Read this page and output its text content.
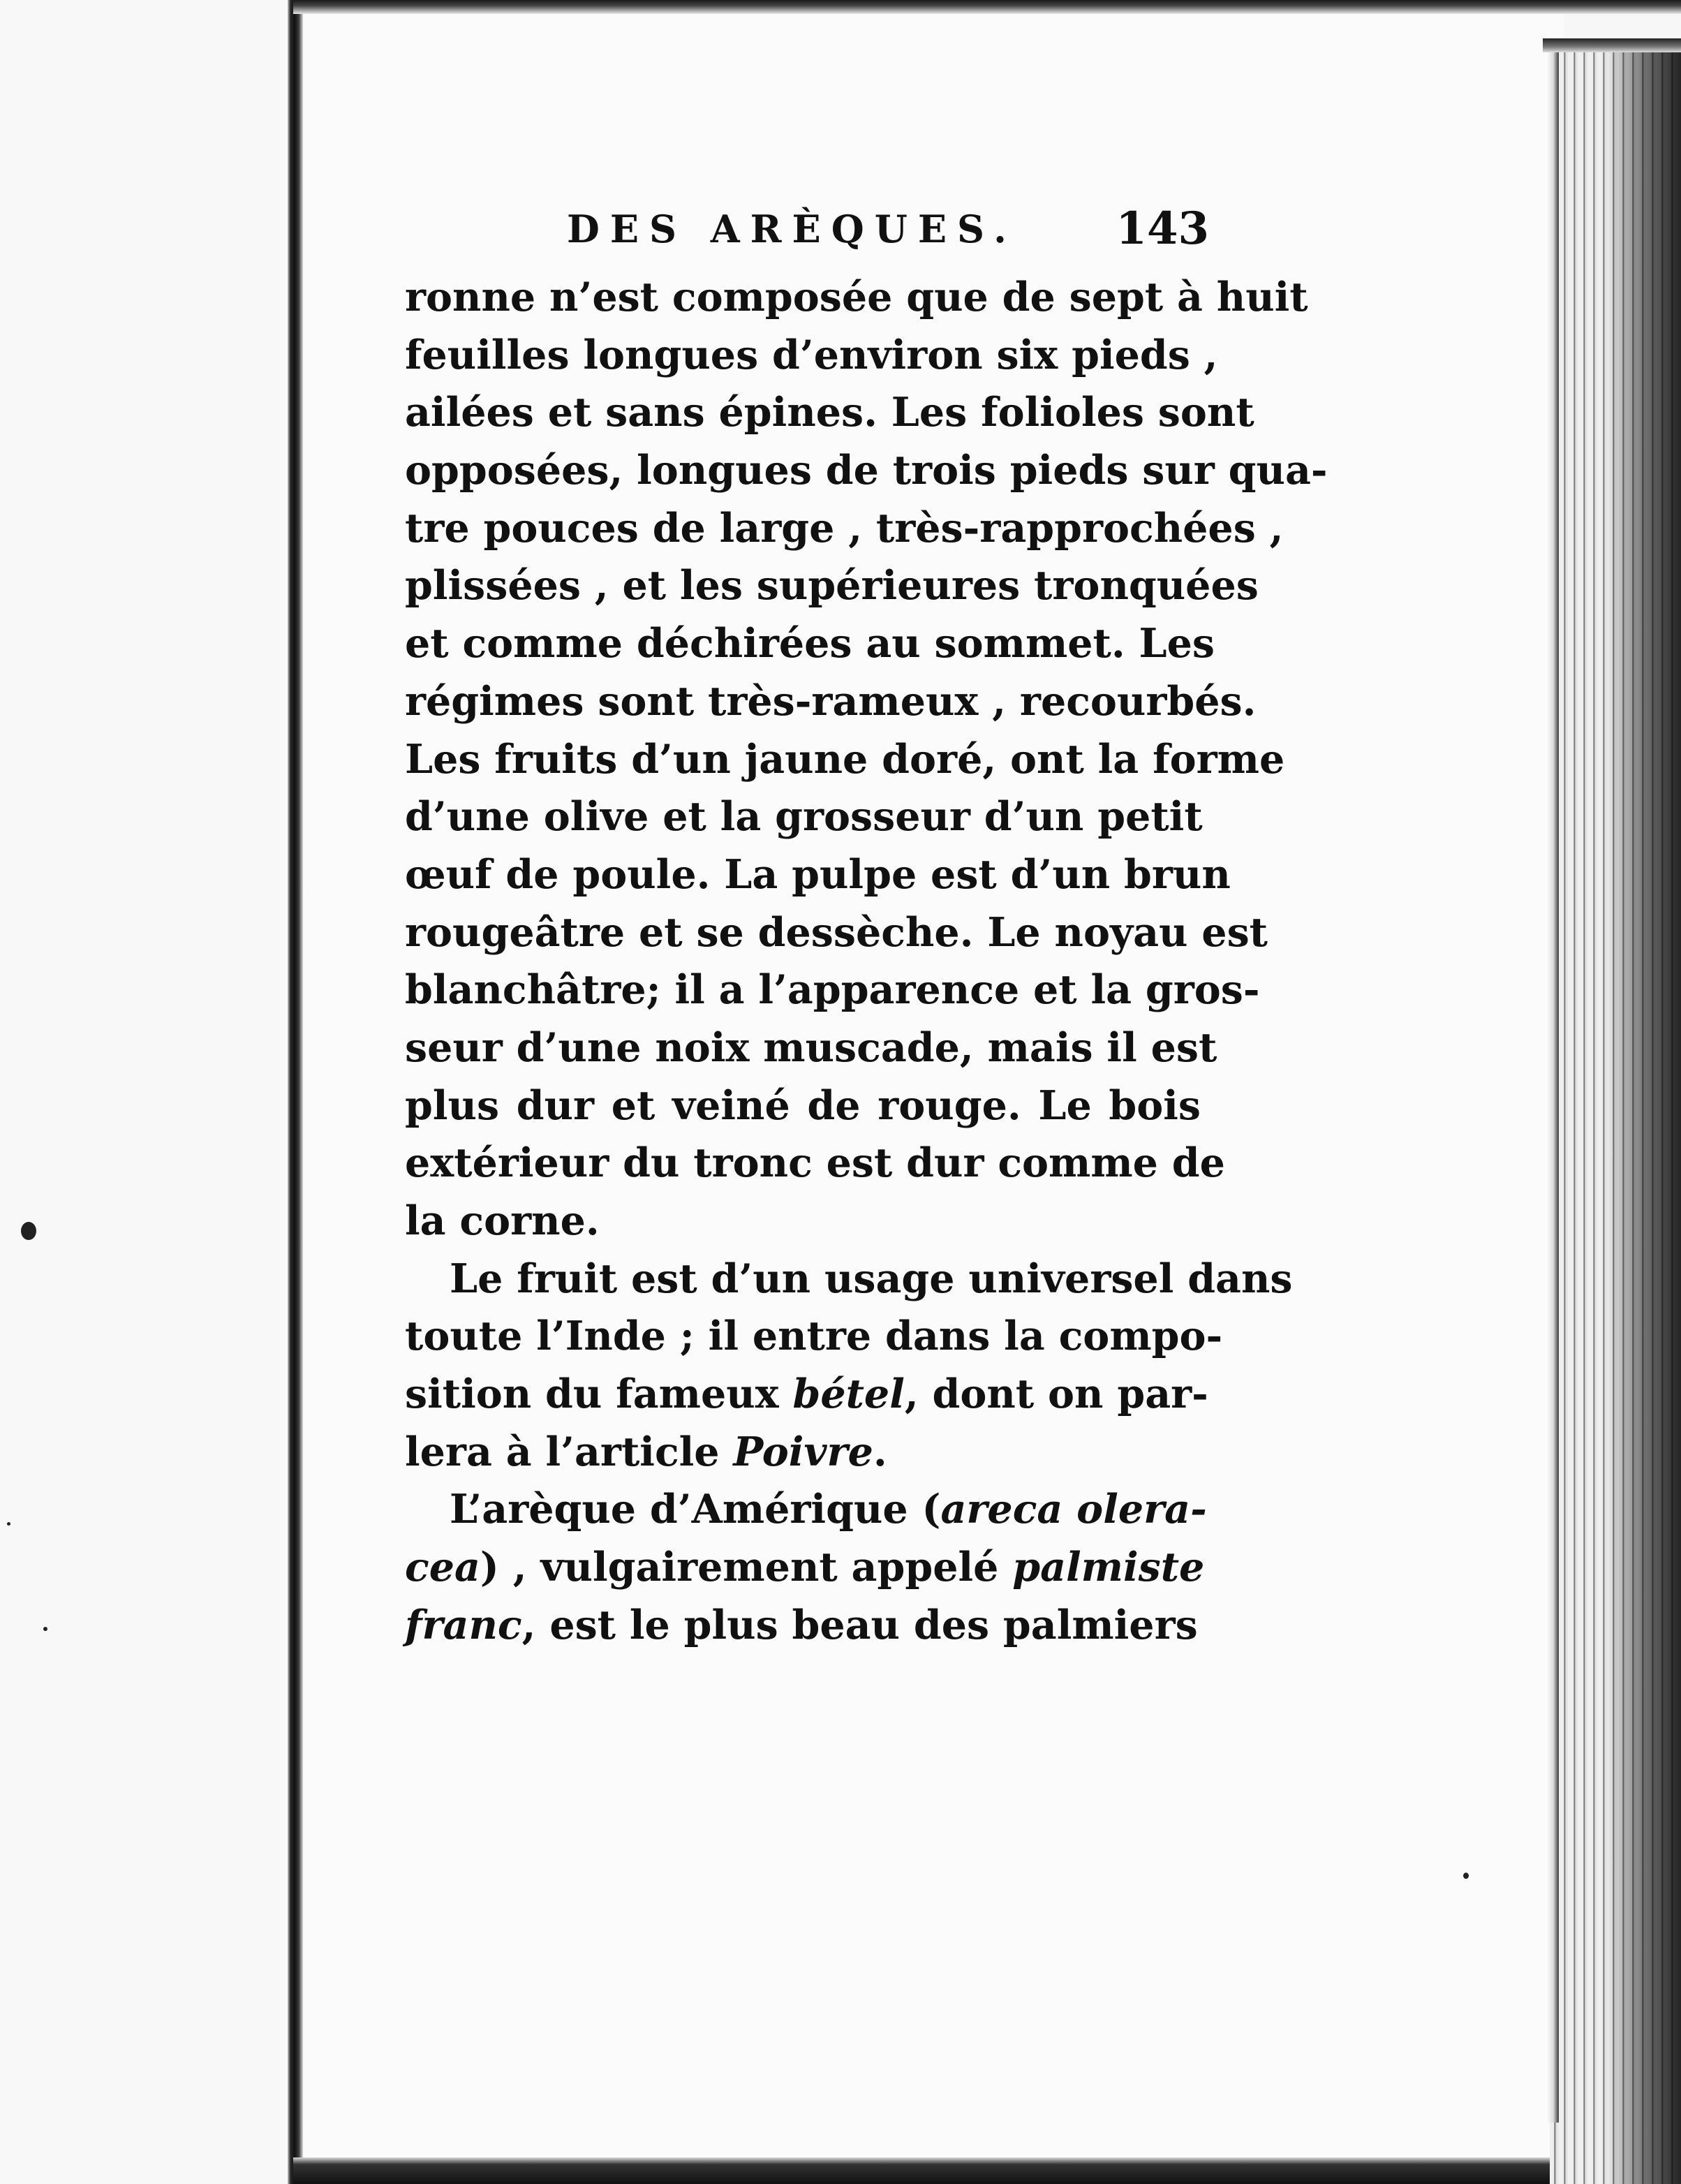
DES ARÈQUES. 143
ronne n’est composée que de sept à huit
feuilles longues d’environ six pieds ,
ailées et sans épines. Les folioles sont
opposées, longues de trois pieds sur qua-
tre pouces de large , très-rapprochées ,
plissées , et les supérieures tronquées
et comme déchirées au sommet. Les
régimes sont très-rameux , recourbés.
Les fruits d’un jaune doré, ont la forme
d’une olive et la grosseur d’un petit
œuf de poule. La pulpe est d’un brun
rougeâtre et se dessèche. Le noyau est
blanchâtre; il a l’apparence et la gros-
seur d’une noix muscade, mais il est
plus dur et veiné de rouge. Le bois
extérieur du tronc est dur comme de
la corne.
Le fruit est d’un usage universel dans
toute l’Inde ; il entre dans la compo-
sition du fameux bétel, dont on par-
lera à l’article Poivre.
L’arèque d’Amérique (areca olera-
cea) , vulgairement appelé palmiste
franc, est le plus beau des palmiers
